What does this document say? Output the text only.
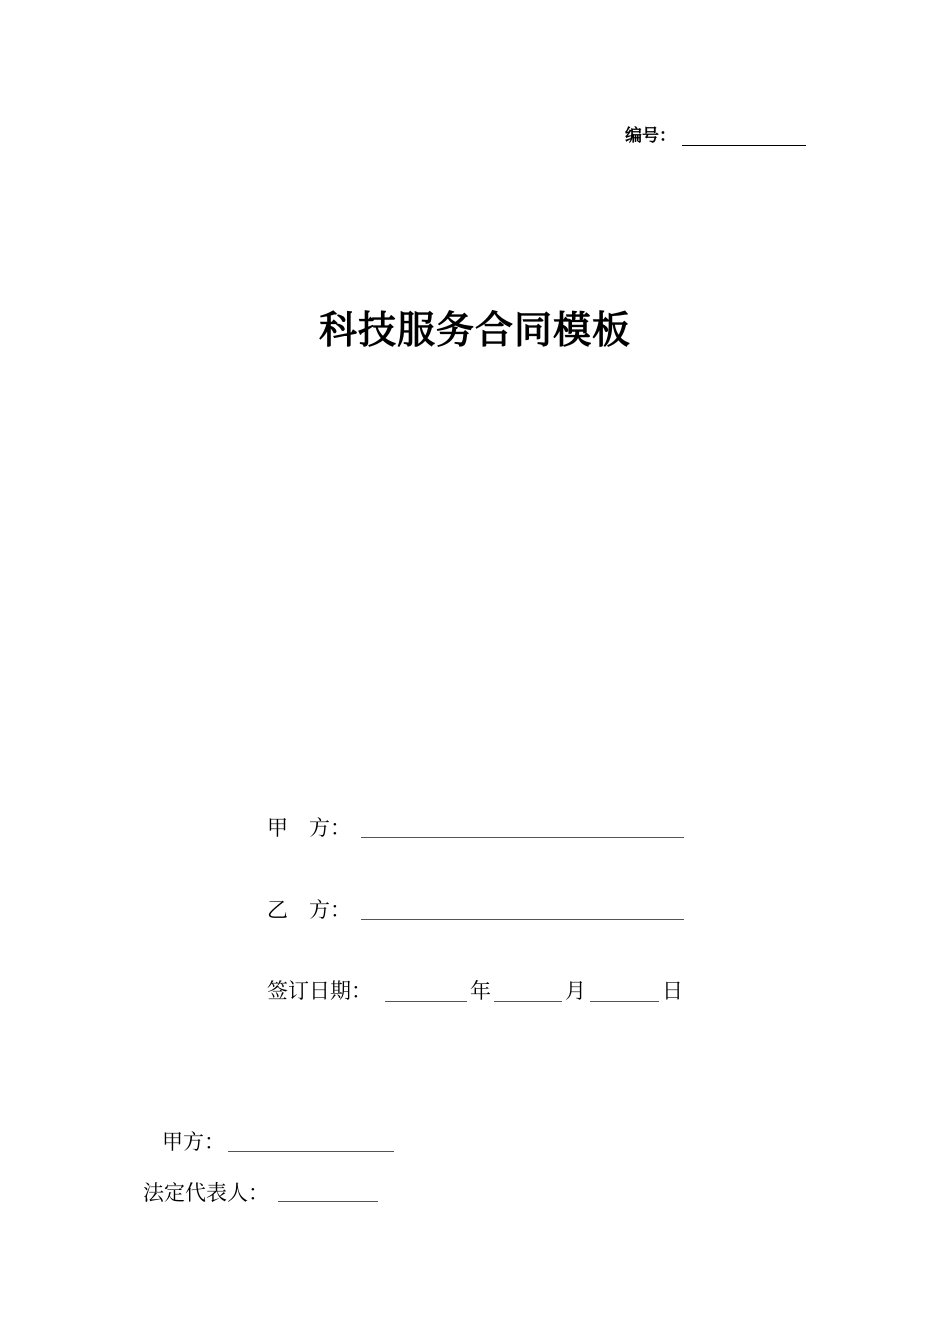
编号：
科技服务合同模板
甲　方：
乙　方：
签订日期：	年	月	日
甲方：
法定代表人：
